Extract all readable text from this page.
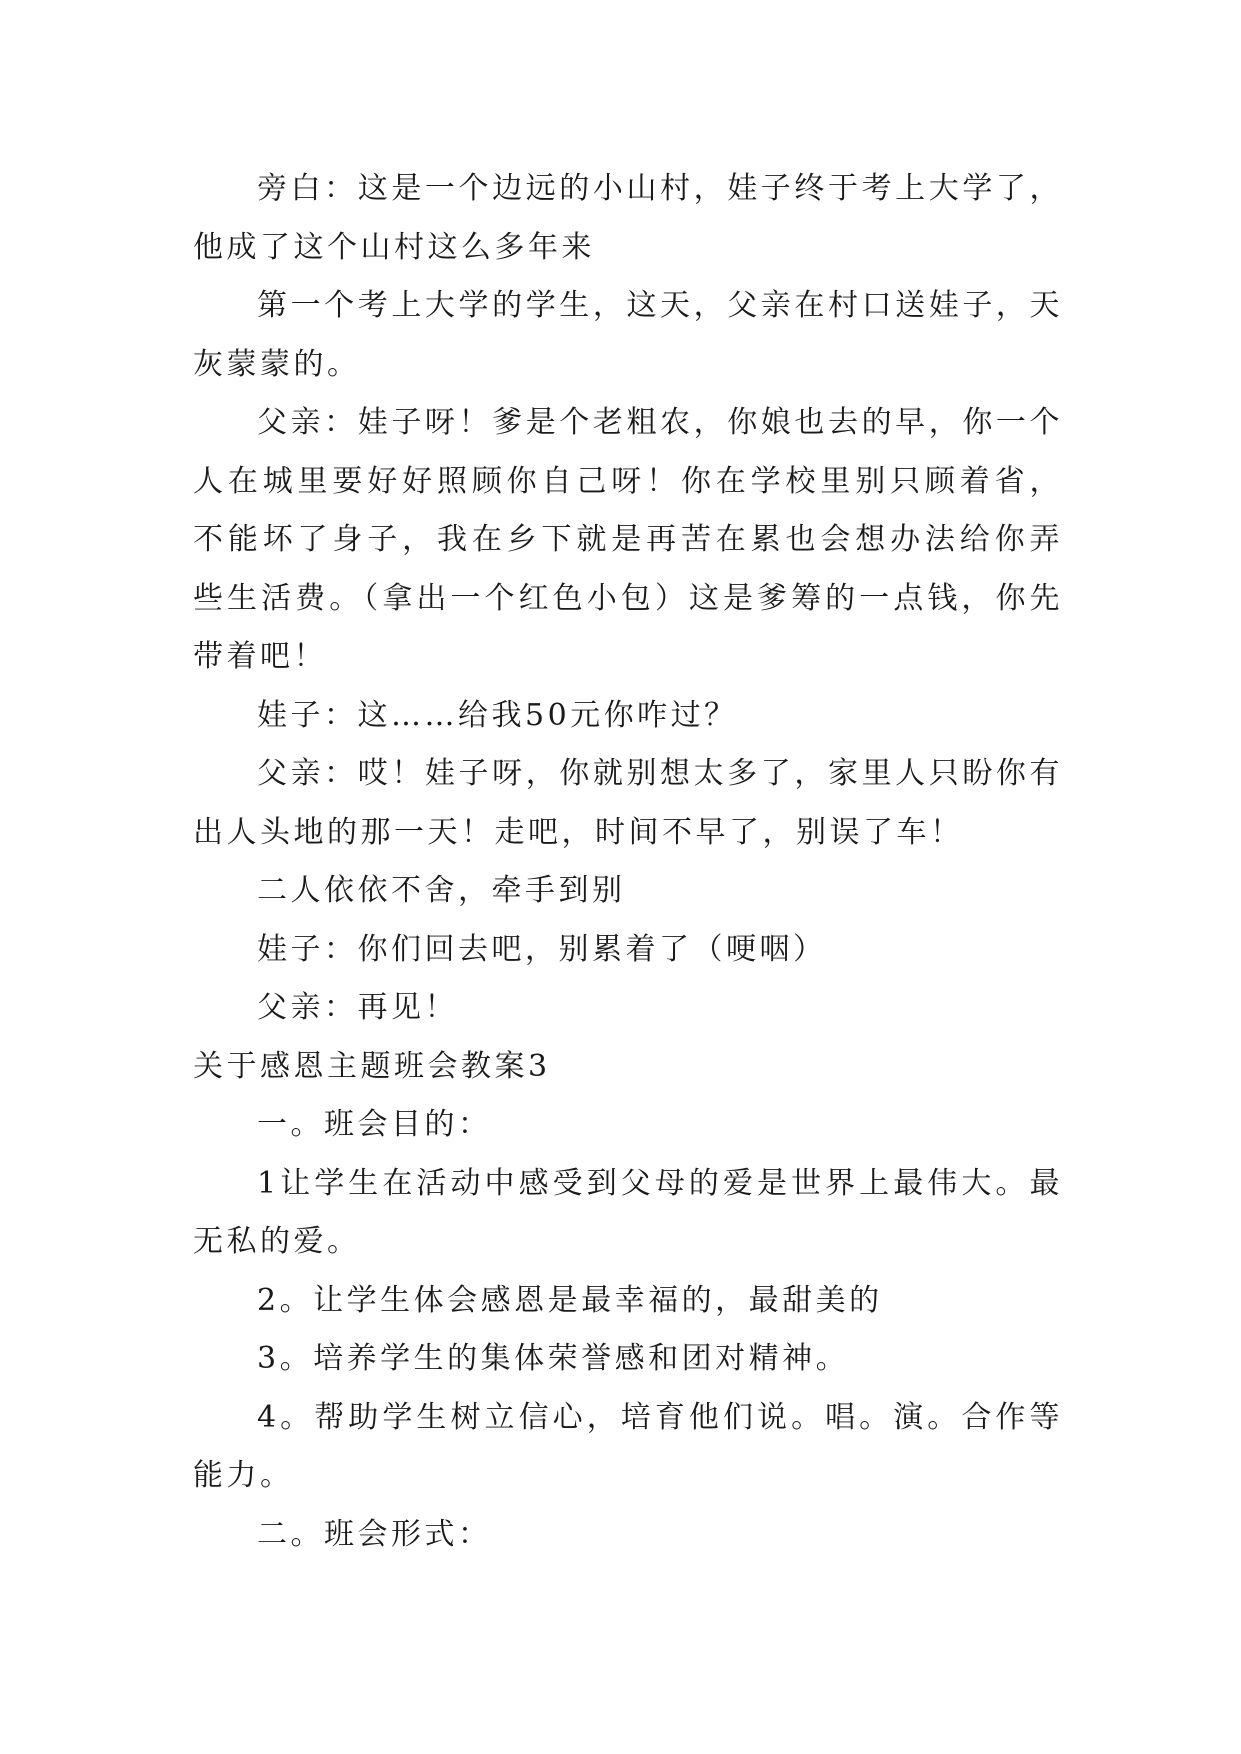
旁白：这是一个边远的小山村，娃子终于考上大学了，他成了这个山村这么多年来

第一个考上大学的学生，这天，父亲在村口送娃子，天灰蒙蒙的。

父亲：娃子呀！爹是个老粗农，你娘也去的早，你一个人在城里要好好照顾你自己呀！你在学校里别只顾着省，不能坏了身子，我在乡下就是再苦在累也会想办法给你弄些生活费。（拿出一个红色小包）这是爹筹的一点钱，你先带着吧！

娃子：这……给我50元你咋过？

父亲：哎！娃子呀，你就别想太多了，家里人只盼你有出人头地的那一天！走吧，时间不早了，别误了车！

二人依依不舍，牵手到别

娃子：你们回去吧，别累着了（哽咽）

父亲：再见！

关于感恩主题班会教案3

一。班会目的：

1让学生在活动中感受到父母的爱是世界上最伟大。最无私的爱。

2。让学生体会感恩是最幸福的，最甜美的

3。培养学生的集体荣誉感和团对精神。

4。帮助学生树立信心，培育他们说。唱。演。合作等能力。

二。班会形式：
